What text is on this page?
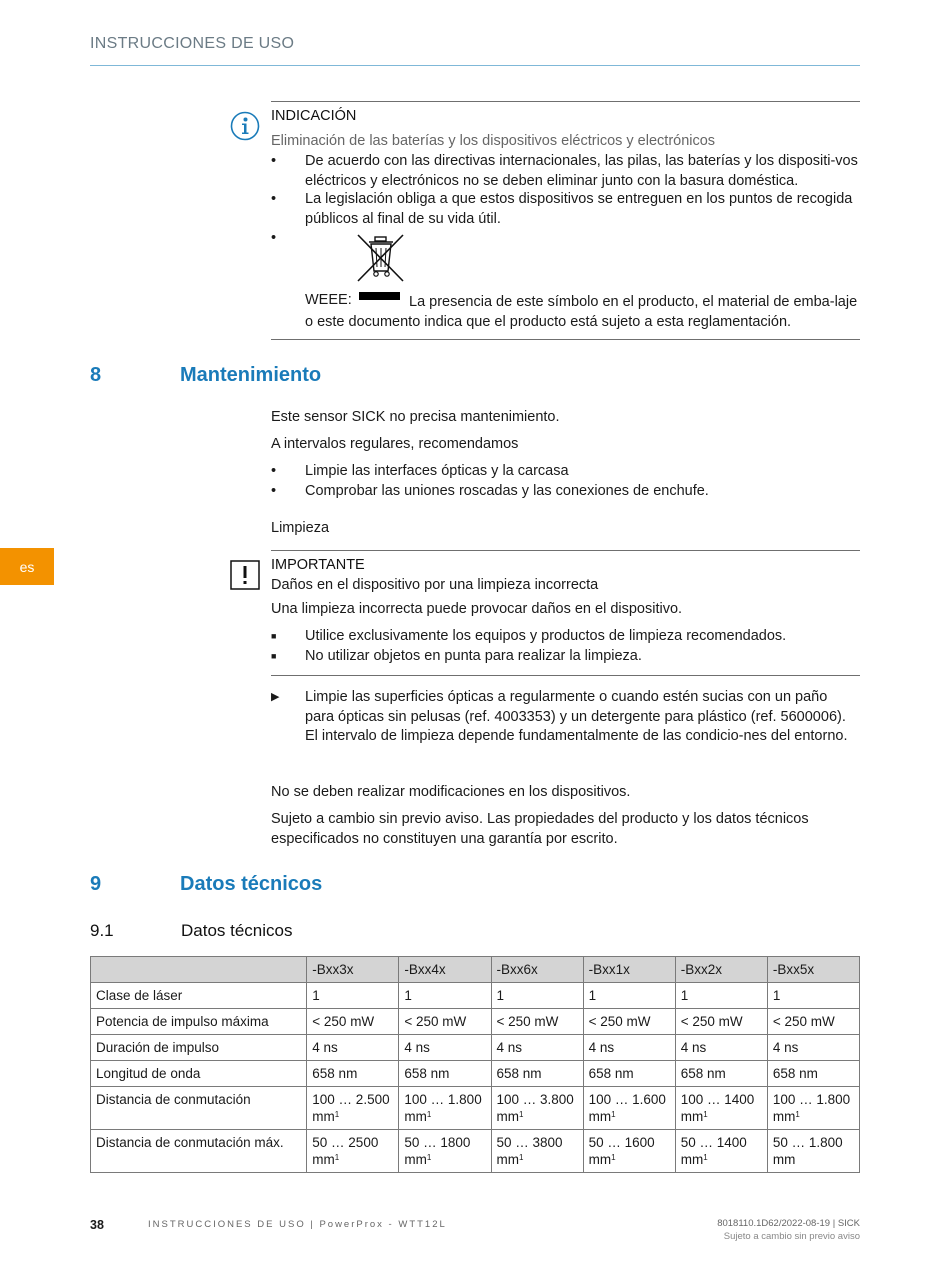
INSTRUCCIONES DE USO
INDICACIÓN
Eliminación de las baterías y los dispositivos eléctricos y electrónicos
•	De acuerdo con las directivas internacionales, las pilas, las baterías y los dispositi-vos eléctricos y electrónicos no se deben eliminar junto con la basura doméstica.
•	La legislación obliga a que estos dispositivos se entreguen en los puntos de recogida públicos al final de su vida útil.
•
WEEE:	La presencia de este símbolo en el producto, el material de emba-laje o este documento indica que el producto está sujeto a esta reglamentación.
8	Mantenimiento
Este sensor SICK no precisa mantenimiento.
A intervalos regulares, recomendamos
•	Limpie las interfaces ópticas y la carcasa
•	Comprobar las uniones roscadas y las conexiones de enchufe.
Limpieza
es	IMPORTANTE
Daños en el dispositivo por una limpieza incorrecta
Una limpieza incorrecta puede provocar daños en el dispositivo.
■	Utilice exclusivamente los equipos y productos de limpieza recomendados.
■	No utilizar objetos en punta para realizar la limpieza.
▶	Limpie las superficies ópticas a regularmente o cuando estén sucias con un paño para ópticas sin pelusas (ref. 4003353) y un detergente para plástico (ref. 5600006). El intervalo de limpieza depende fundamentalmente de las condicio-nes del entorno.
No se deben realizar modificaciones en los dispositivos.
Sujeto a cambio sin previo aviso. Las propiedades del producto y los datos técnicos especificados no constituyen una garantía por escrito.
9	Datos técnicos
9.1	Datos técnicos
	-Bxx3x	-Bxx4x	-Bxx6x	-Bxx1x	-Bxx2x	-Bxx5x
Clase de láser	1	1	1	1	1	1
Potencia de impulso máxima	< 250 mW	< 250 mW	< 250 mW	< 250 mW	< 250 mW	< 250 mW
Duración de impulso	4 ns	4 ns	4 ns	4 ns	4 ns	4 ns
Longitud de onda	658 nm	658 nm	658 nm	658 nm	658 nm	658 nm
Distancia de conmutación	100 … 2.500 $mm^1$	100 … 1.800 $mm^1$	100 … 3.800 $mm^1$	100 … 1.600 $mm^1$	100 … 1400 $mm^1$	100 … 1.800 $mm^1$
Distancia de conmutación máx.	50 … 2500 $mm^1$	50 … 1800 $mm^1$	50 … 3800 $mm^1$	50 … 1600 $mm^1$	50 … 1400 $mm^1$	50 … 1.800 mm
38	INSTRUCCIONES DE USO | PowerProx - WTT12L	8018110.1D62/2022-08-19 | SICK
Sujeto a cambio sin previo aviso
